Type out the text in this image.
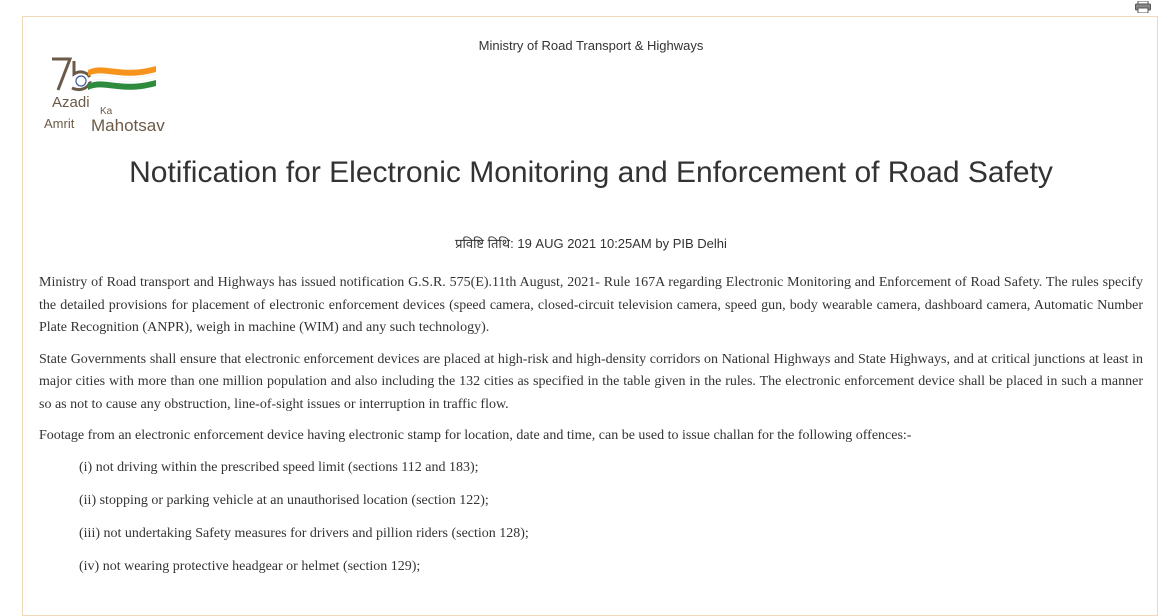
Ministry of Road Transport & Highways
Azadi
Ka
Amrit Mahotsav
Notification for Electronic Monitoring and Enforcement of Road Safety
प्रविष्टि तिथि: 19 AUG 2021 10:25AM by PIB Delhi

Ministry of Road transport and Highways has issued notification G.S.R. 575(E).11th August, 2021- Rule 167A regarding Electronic Monitoring and Enforcement of Road Safety. The rules specify the detailed provisions for placement of electronic enforcement devices (speed camera, closed-circuit television camera, speed gun, body wearable camera, dashboard camera, Automatic Number Plate Recognition (ANPR), weigh in machine (WIM) and any such technology).

State Governments shall ensure that electronic enforcement devices are placed at high-risk and high-density corridors on National Highways and State Highways, and at critical junctions at least in major cities with more than one million population and also including the 132 cities as specified in the table given in the rules. The electronic enforcement device shall be placed in such a manner so as not to cause any obstruction, line-of-sight issues or interruption in traffic flow.

Footage from an electronic enforcement device having electronic stamp for location, date and time, can be used to issue challan for the following offences:-

(i) not driving within the prescribed speed limit (sections 112 and 183);
(ii) stopping or parking vehicle at an unauthorised location (section 122);
(iii) not undertaking Safety measures for drivers and pillion riders (section 128);
(iv) not wearing protective headgear or helmet (section 129);
